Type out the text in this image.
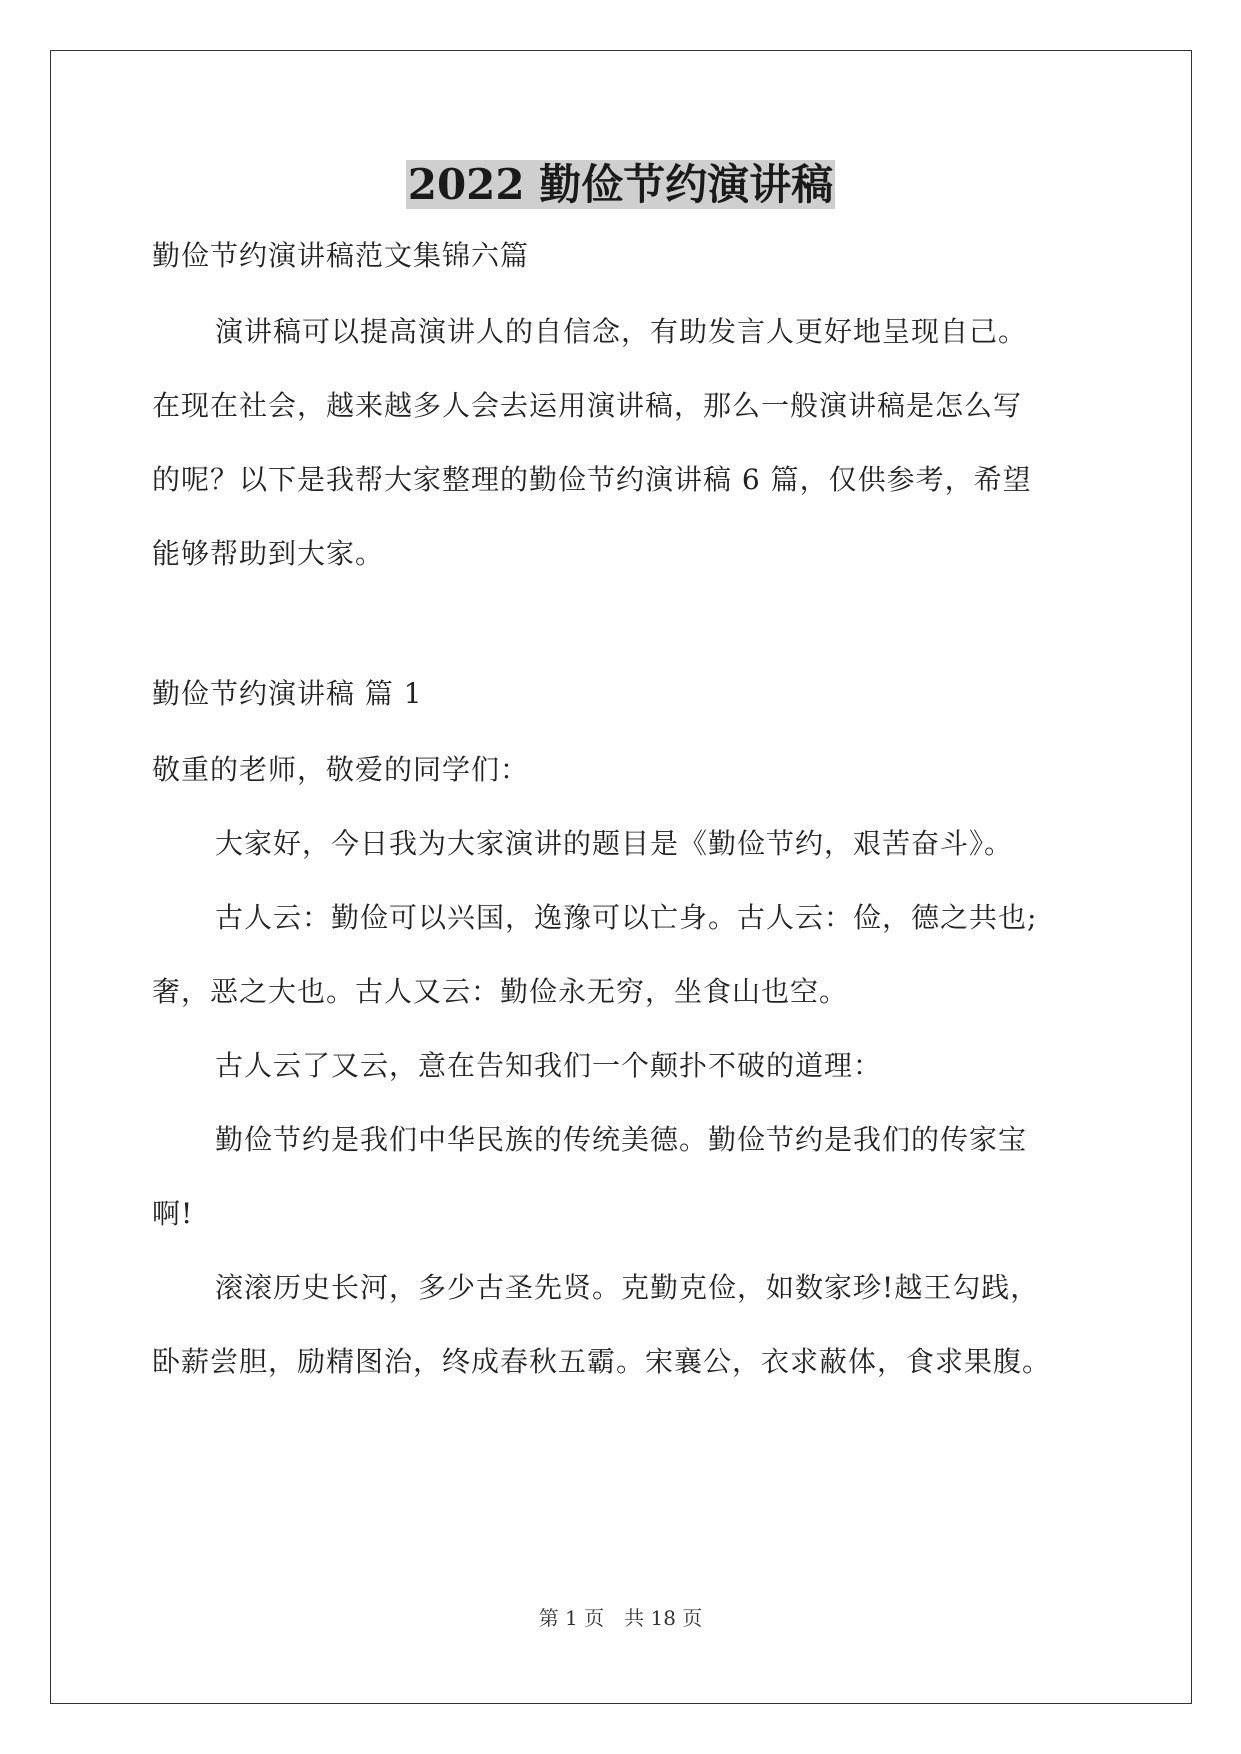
2022 勤俭节约演讲稿
勤俭节约演讲稿范文集锦六篇
演讲稿可以提高演讲人的自信念，有助发言人更好地呈现自己。
在现在社会，越来越多人会去运用演讲稿，那么一般演讲稿是怎么写
的呢？以下是我帮大家整理的勤俭节约演讲稿 6 篇，仅供参考，希望
能够帮助到大家。
勤俭节约演讲稿 篇 1
敬重的老师，敬爱的同学们：
大家好，今日我为大家演讲的题目是《勤俭节约，艰苦奋斗》。
古人云：勤俭可以兴国，逸豫可以亡身。古人云：俭，德之共也;
奢，恶之大也。古人又云：勤俭永无穷，坐食山也空。
古人云了又云，意在告知我们一个颠扑不破的道理：
勤俭节约是我们中华民族的传统美德。勤俭节约是我们的传家宝
啊!
滚滚历史长河，多少古圣先贤。克勤克俭，如数家珍!越王勾践，
卧薪尝胆，励精图治，终成春秋五霸。宋襄公，衣求蔽体，食求果腹。
第 1 页　共 18 页
